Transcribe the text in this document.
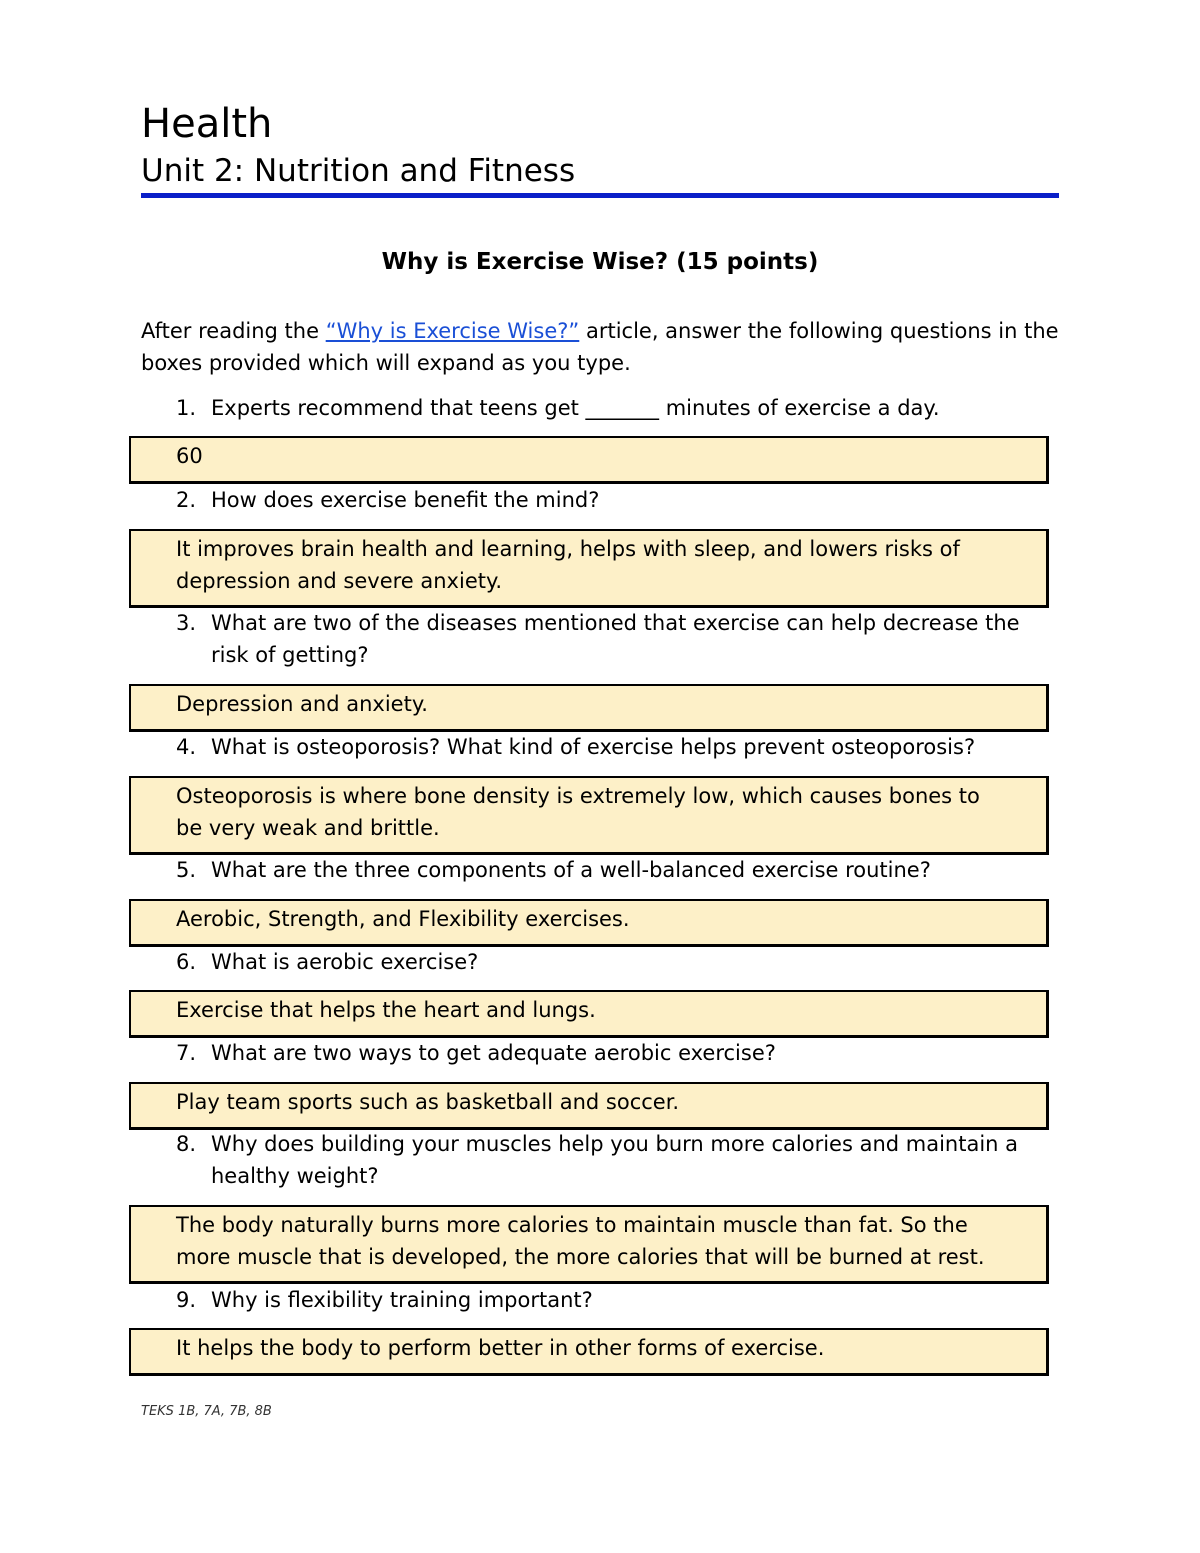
Health
Unit 2: Nutrition and Fitness
Why is Exercise Wise? (15 points)
After reading the “Why is Exercise Wise?” article, answer the following questions in the boxes provided which will expand as you type.
1. Experts recommend that teens get _______ minutes of exercise a day.
60
2. How does exercise benefit the mind?
It improves brain health and learning, helps with sleep, and lowers risks of depression and severe anxiety.
3. What are two of the diseases mentioned that exercise can help decrease the risk of getting?
Depression and anxiety.
4. What is osteoporosis? What kind of exercise helps prevent osteoporosis?
Osteoporosis is where bone density is extremely low, which causes bones to be very weak and brittle.
5. What are the three components of a well-balanced exercise routine?
Aerobic, Strength, and Flexibility exercises.
6. What is aerobic exercise?
Exercise that helps the heart and lungs.
7. What are two ways to get adequate aerobic exercise?
Play team sports such as basketball and soccer.
8. Why does building your muscles help you burn more calories and maintain a healthy weight?
The body naturally burns more calories to maintain muscle than fat. So the more muscle that is developed, the more calories that will be burned at rest.
9. Why is flexibility training important?
It helps the body to perform better in other forms of exercise.
TEKS 1B, 7A, 7B, 8B
